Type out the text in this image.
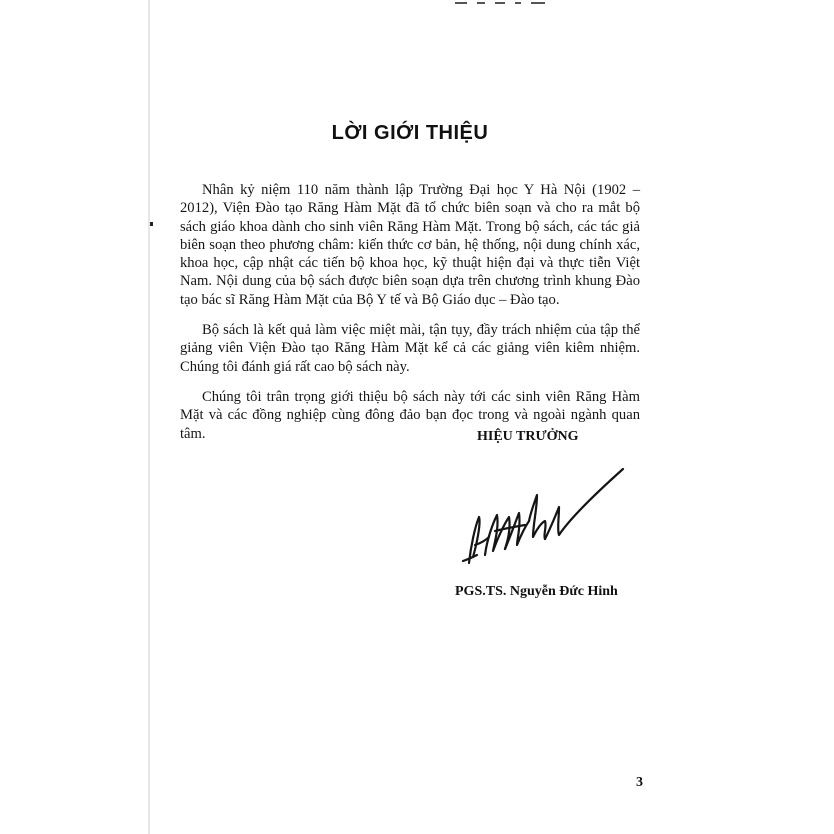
LỜI GIỚI THIỆU

Nhân kỷ niệm 110 năm thành lập Trường Đại học Y Hà Nội (1902 – 2012), Viện Đào tạo Răng Hàm Mặt đã tổ chức biên soạn và cho ra mắt bộ sách giáo khoa dành cho sinh viên Răng Hàm Mặt. Trong bộ sách, các tác giả biên soạn theo phương châm: kiến thức cơ bản, hệ thống, nội dung chính xác, khoa học, cập nhật các tiến bộ khoa học, kỹ thuật hiện đại và thực tiễn Việt Nam. Nội dung của bộ sách được biên soạn dựa trên chương trình khung Đào tạo bác sĩ Răng Hàm Mặt của Bộ Y tế và Bộ Giáo dục – Đào tạo.

Bộ sách là kết quả làm việc miệt mài, tận tụy, đầy trách nhiệm của tập thể giảng viên Viện Đào tạo Răng Hàm Mặt kể cả các giảng viên kiêm nhiệm. Chúng tôi đánh giá rất cao bộ sách này.

Chúng tôi trân trọng giới thiệu bộ sách này tới các sinh viên Răng Hàm Mặt và các đồng nghiệp cùng đông đảo bạn đọc trong và ngoài ngành quan tâm.	HIỆU TRƯỞNG

PGS.TS. Nguyễn Đức Hinh

3
